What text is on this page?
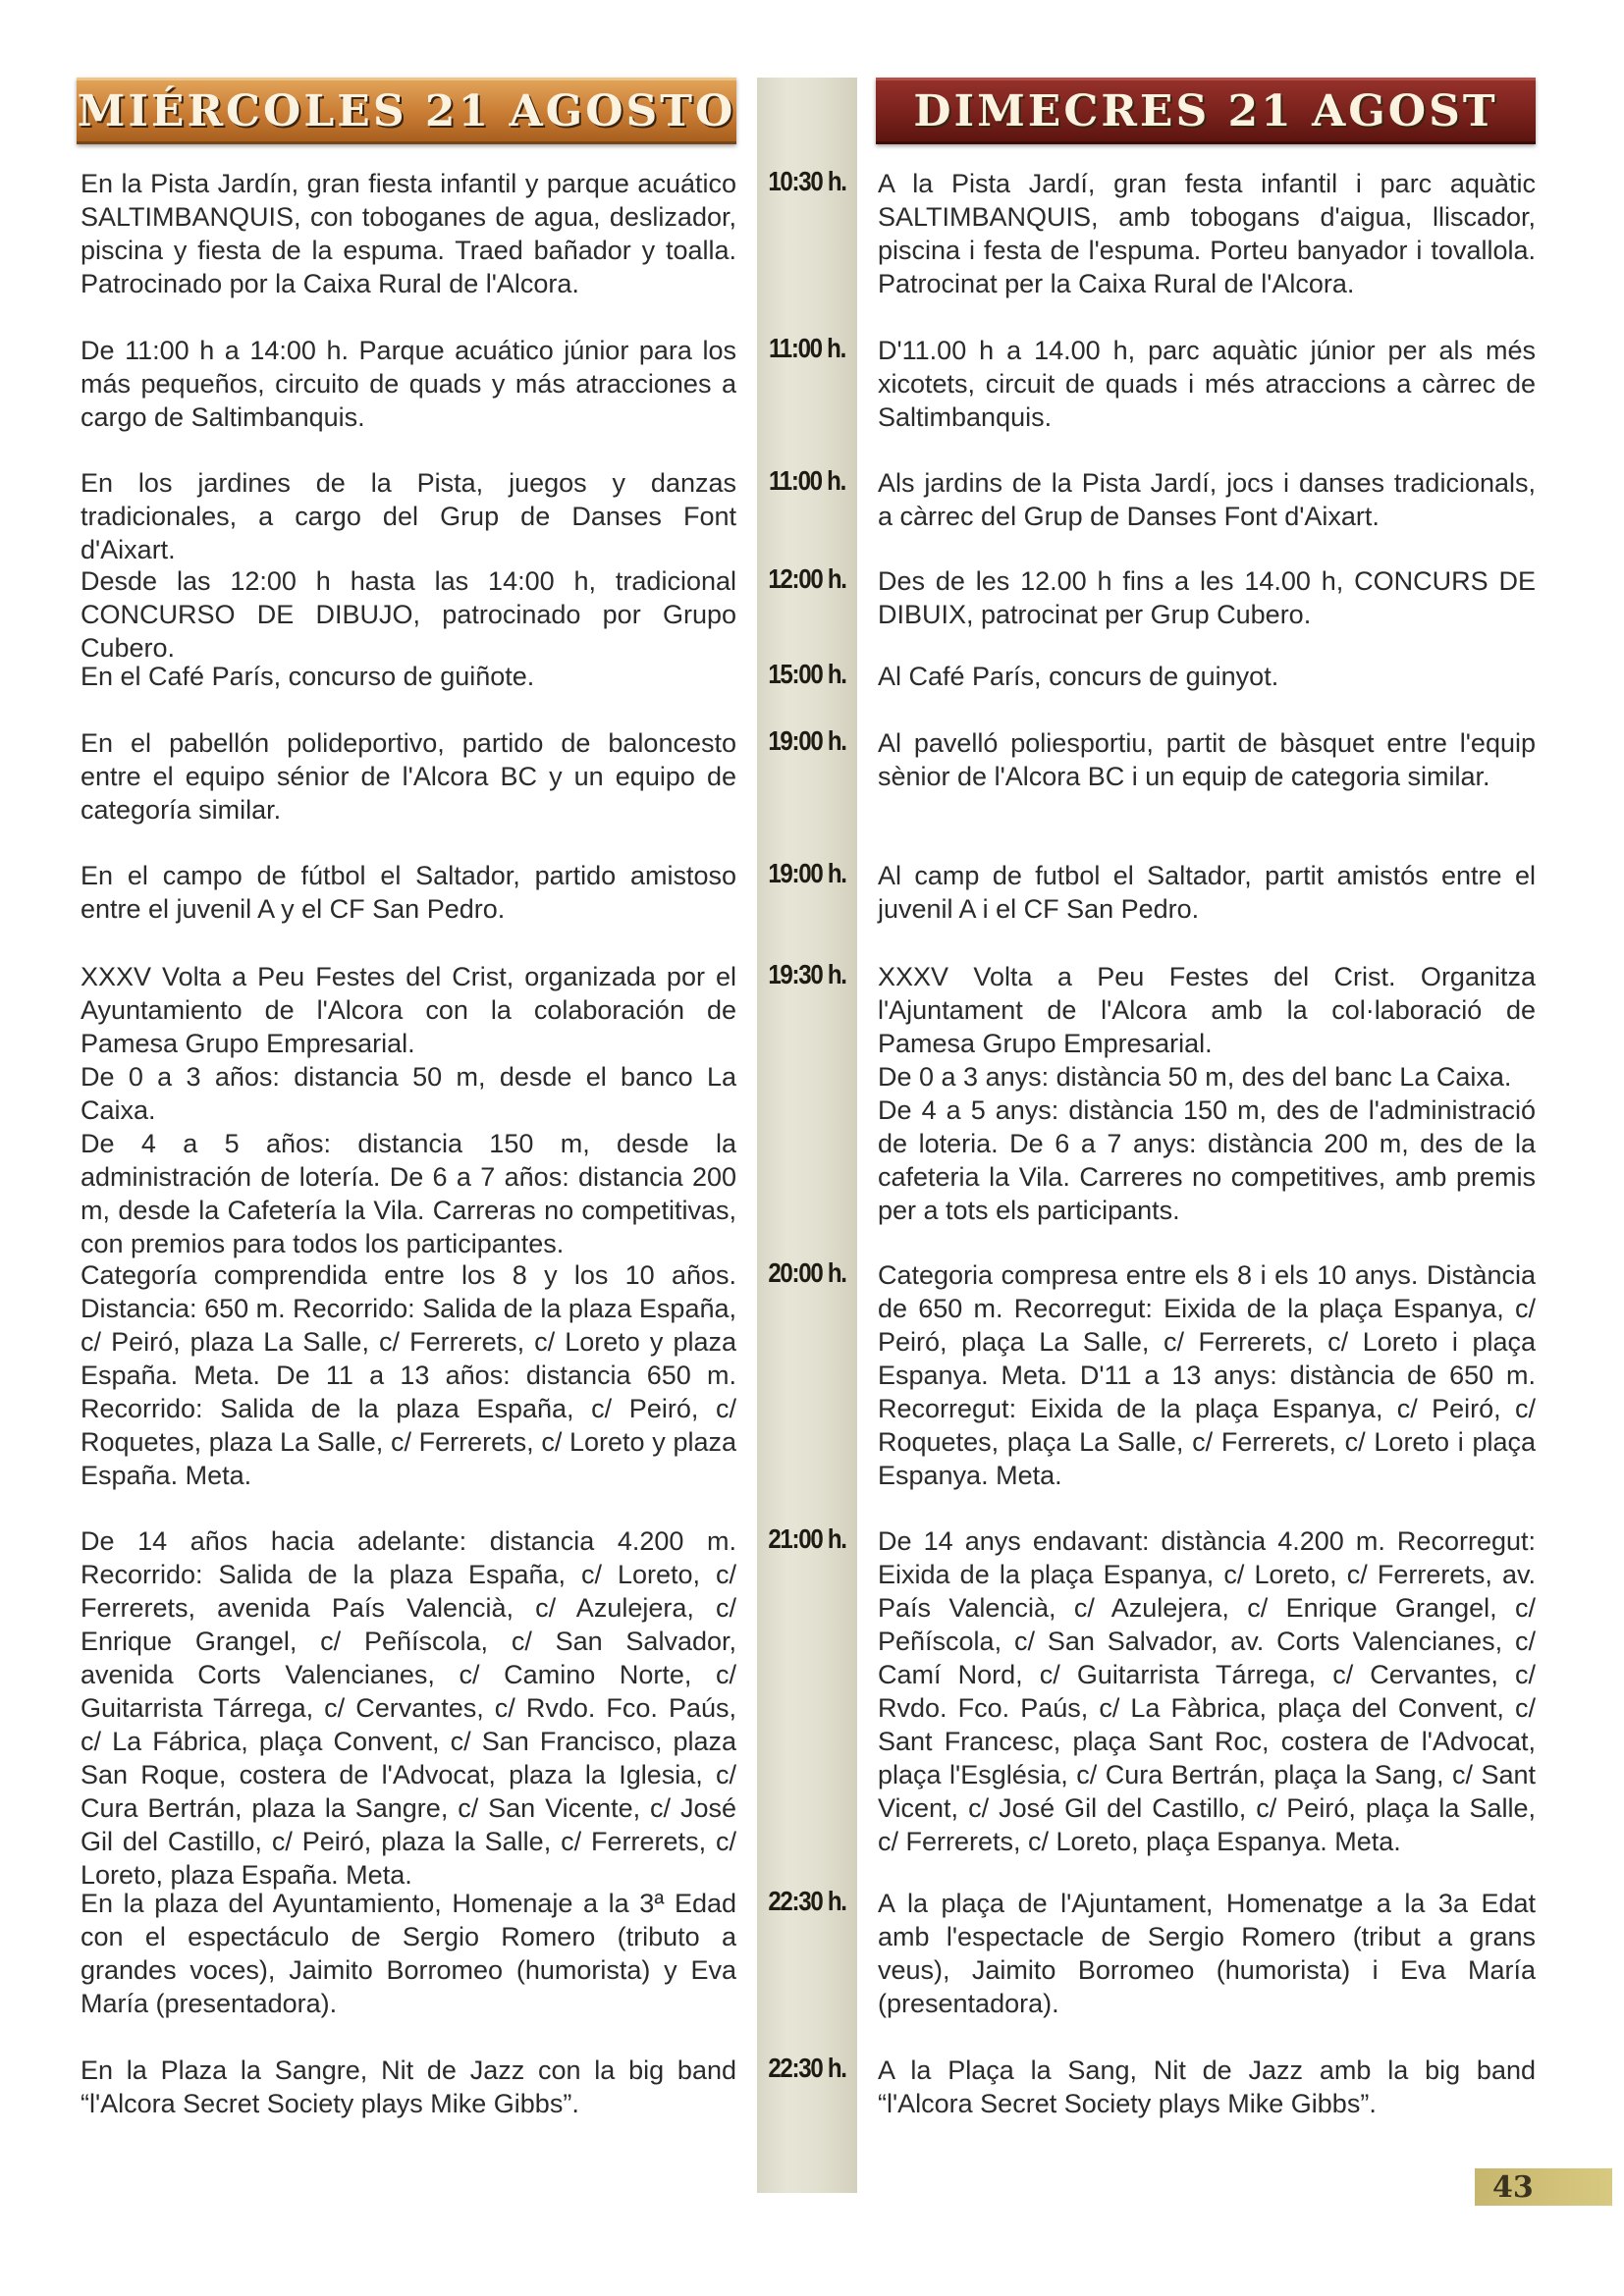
MIÉRCOLES 21 AGOSTO	DIMECRES 21 AGOST

En la Pista Jardín, gran fiesta infantil y parque acuático SALTIMBANQUIS, con toboganes de agua, deslizador, piscina y fiesta de la espuma. Traed bañador y toalla. Patrocinado por la Caixa Rural de l'Alcora.

10:30 h. A la Pista Jardí, gran festa infantil i parc aquàtic SALTIMBANQUIS, amb tobogans d'aigua, lliscador, piscina i festa de l'espuma. Porteu banyador i tovallola. Patrocinat per la Caixa Rural de l'Alcora.

De 11:00 h a 14:00 h. Parque acuático júnior para los más pequeños, circuito de quads y más atracciones a cargo de Saltimbanquis.

11:00 h. D'11.00 h a 14.00 h, parc aquàtic júnior per als més xicotets, circuit de quads i més atraccions a càrrec de Saltimbanquis.

En los jardines de la Pista, juegos y danzas tradicionales, a cargo del Grup de Danses Font d'Aixart.

11:00 h. Als jardins de la Pista Jardí, jocs i danses tradicionals, a càrrec del Grup de Danses Font d'Aixart.

Desde las 12:00 h hasta las 14:00 h, tradicional CONCURSO DE DIBUJO, patrocinado por Grupo Cubero.

12:00 h. Des de les 12.00 h fins a les 14.00 h, CONCURS DE DIBUIX, patrocinat per Grup Cubero.

En el Café París, concurso de guiñote.	15:00 h. Al Café París, concurs de guinyot.

En el pabellón polideportivo, partido de baloncesto entre el equipo sénior de l'Alcora BC y un equipo de categoría similar.

19:00 h. Al pavelló poliesportiu, partit de bàsquet entre l'equip sènior de l'Alcora BC i un equip de categoria similar.

En el campo de fútbol el Saltador, partido amistoso entre el juvenil A y el CF San Pedro.

19:00 h. Al camp de futbol el Saltador, partit amistós entre el juvenil A i el CF San Pedro.

XXXV Volta a Peu Festes del Crist, organizada por el Ayuntamiento de l'Alcora con la colaboración de Pamesa Grupo Empresarial.

De 0 a 3 años: distancia 50 m, desde el banco La Caixa.

De 4 a 5 años: distancia 150 m, desde la administración de lotería. De 6 a 7 años: distancia 200 m, desde la Cafetería la Vila. Carreras no competitivas, con premios para todos los participantes.

19:30 h. XXXV Volta a Peu Festes del Crist. Organitza l'Ajuntament de l'Alcora amb la col·laboració de Pamesa Grupo Empresarial.

De 0 a 3 anys: distància 50 m, des del banc La Caixa.

De 4 a 5 anys: distància 150 m, des de l'administració de loteria. De 6 a 7 anys: distància 200 m, des de la cafeteria la Vila. Carreres no competitives, amb premis per a tots els participants.

Categoría comprendida entre los 8 y los 10 años. Distancia: 650 m. Recorrido: Salida de la plaza España, c/ Peiró, plaza La Salle, c/ Ferrerets, c/ Loreto y plaza España. Meta. De 11 a 13 años: distancia 650 m. Recorrido: Salida de la plaza España, c/ Peiró, c/ Roquetes, plaza La Salle, c/ Ferrerets, c/ Loreto y plaza España. Meta.

20:00 h. Categoria compresa entre els 8 i els 10 anys. Distància de 650 m. Recorregut: Eixida de la plaça Espanya, c/ Peiró, plaça La Salle, c/ Ferrerets, c/ Loreto i plaça Espanya. Meta. D'11 a 13 anys: distància de 650 m. Recorregut: Eixida de la plaça Espanya, c/ Peiró, c/ Roquetes, plaça La Salle, c/ Ferrerets, c/ Loreto i plaça Espanya. Meta.

De 14 años hacia adelante: distancia 4.200 m. Recorrido: Salida de la plaza España, c/ Loreto, c/ Ferrerets, avenida País Valencià, c/ Azulejera, c/ Enrique Grangel, c/ Peñíscola, c/ San Salvador, avenida Corts Valencianes, c/ Camino Norte, c/ Guitarrista Tárrega, c/ Cervantes, c/ Rvdo. Fco. Paús, c/ La Fábrica, plaça Convent, c/ San Francisco, plaza San Roque, costera de l'Advocat, plaza la Iglesia, c/ Cura Bertrán, plaza la Sangre, c/ San Vicente, c/ José Gil del Castillo, c/ Peiró, plaza la Salle, c/ Ferrerets, c/ Loreto, plaza España. Meta.

21:00 h. De 14 anys endavant: distància 4.200 m. Recorregut: Eixida de la plaça Espanya, c/ Loreto, c/ Ferrerets, av. País Valencià, c/ Azulejera, c/ Enrique Grangel, c/ Peñíscola, c/ San Salvador, av. Corts Valencianes, c/ Camí Nord, c/ Guitarrista Tárrega, c/ Cervantes, c/ Rvdo. Fco. Paús, c/ La Fàbrica, plaça del Convent, c/ Sant Francesc, plaça Sant Roc, costera de l'Advocat, plaça l'Església, c/ Cura Bertrán, plaça la Sang, c/ Sant Vicent, c/ José Gil del Castillo, c/ Peiró, plaça la Salle, c/ Ferrerets, c/ Loreto, plaça Espanya. Meta.

En la plaza del Ayuntamiento, Homenaje a la 3ª Edad con el espectáculo de Sergio Romero (tributo a grandes voces), Jaimito Borromeo (humorista) y Eva María (presentadora).

22:30 h. A la plaça de l'Ajuntament, Homenatge a la 3a Edat amb l'espectacle de Sergio Romero (tribut a grans veus), Jaimito Borromeo (humorista) i Eva María (presentadora).

En la Plaza la Sangre, Nit de Jazz con la big band “l'Alcora Secret Society plays Mike Gibbs”.

22:30 h. A la Plaça la Sang, Nit de Jazz amb la big band “l'Alcora Secret Society plays Mike Gibbs”.

43
